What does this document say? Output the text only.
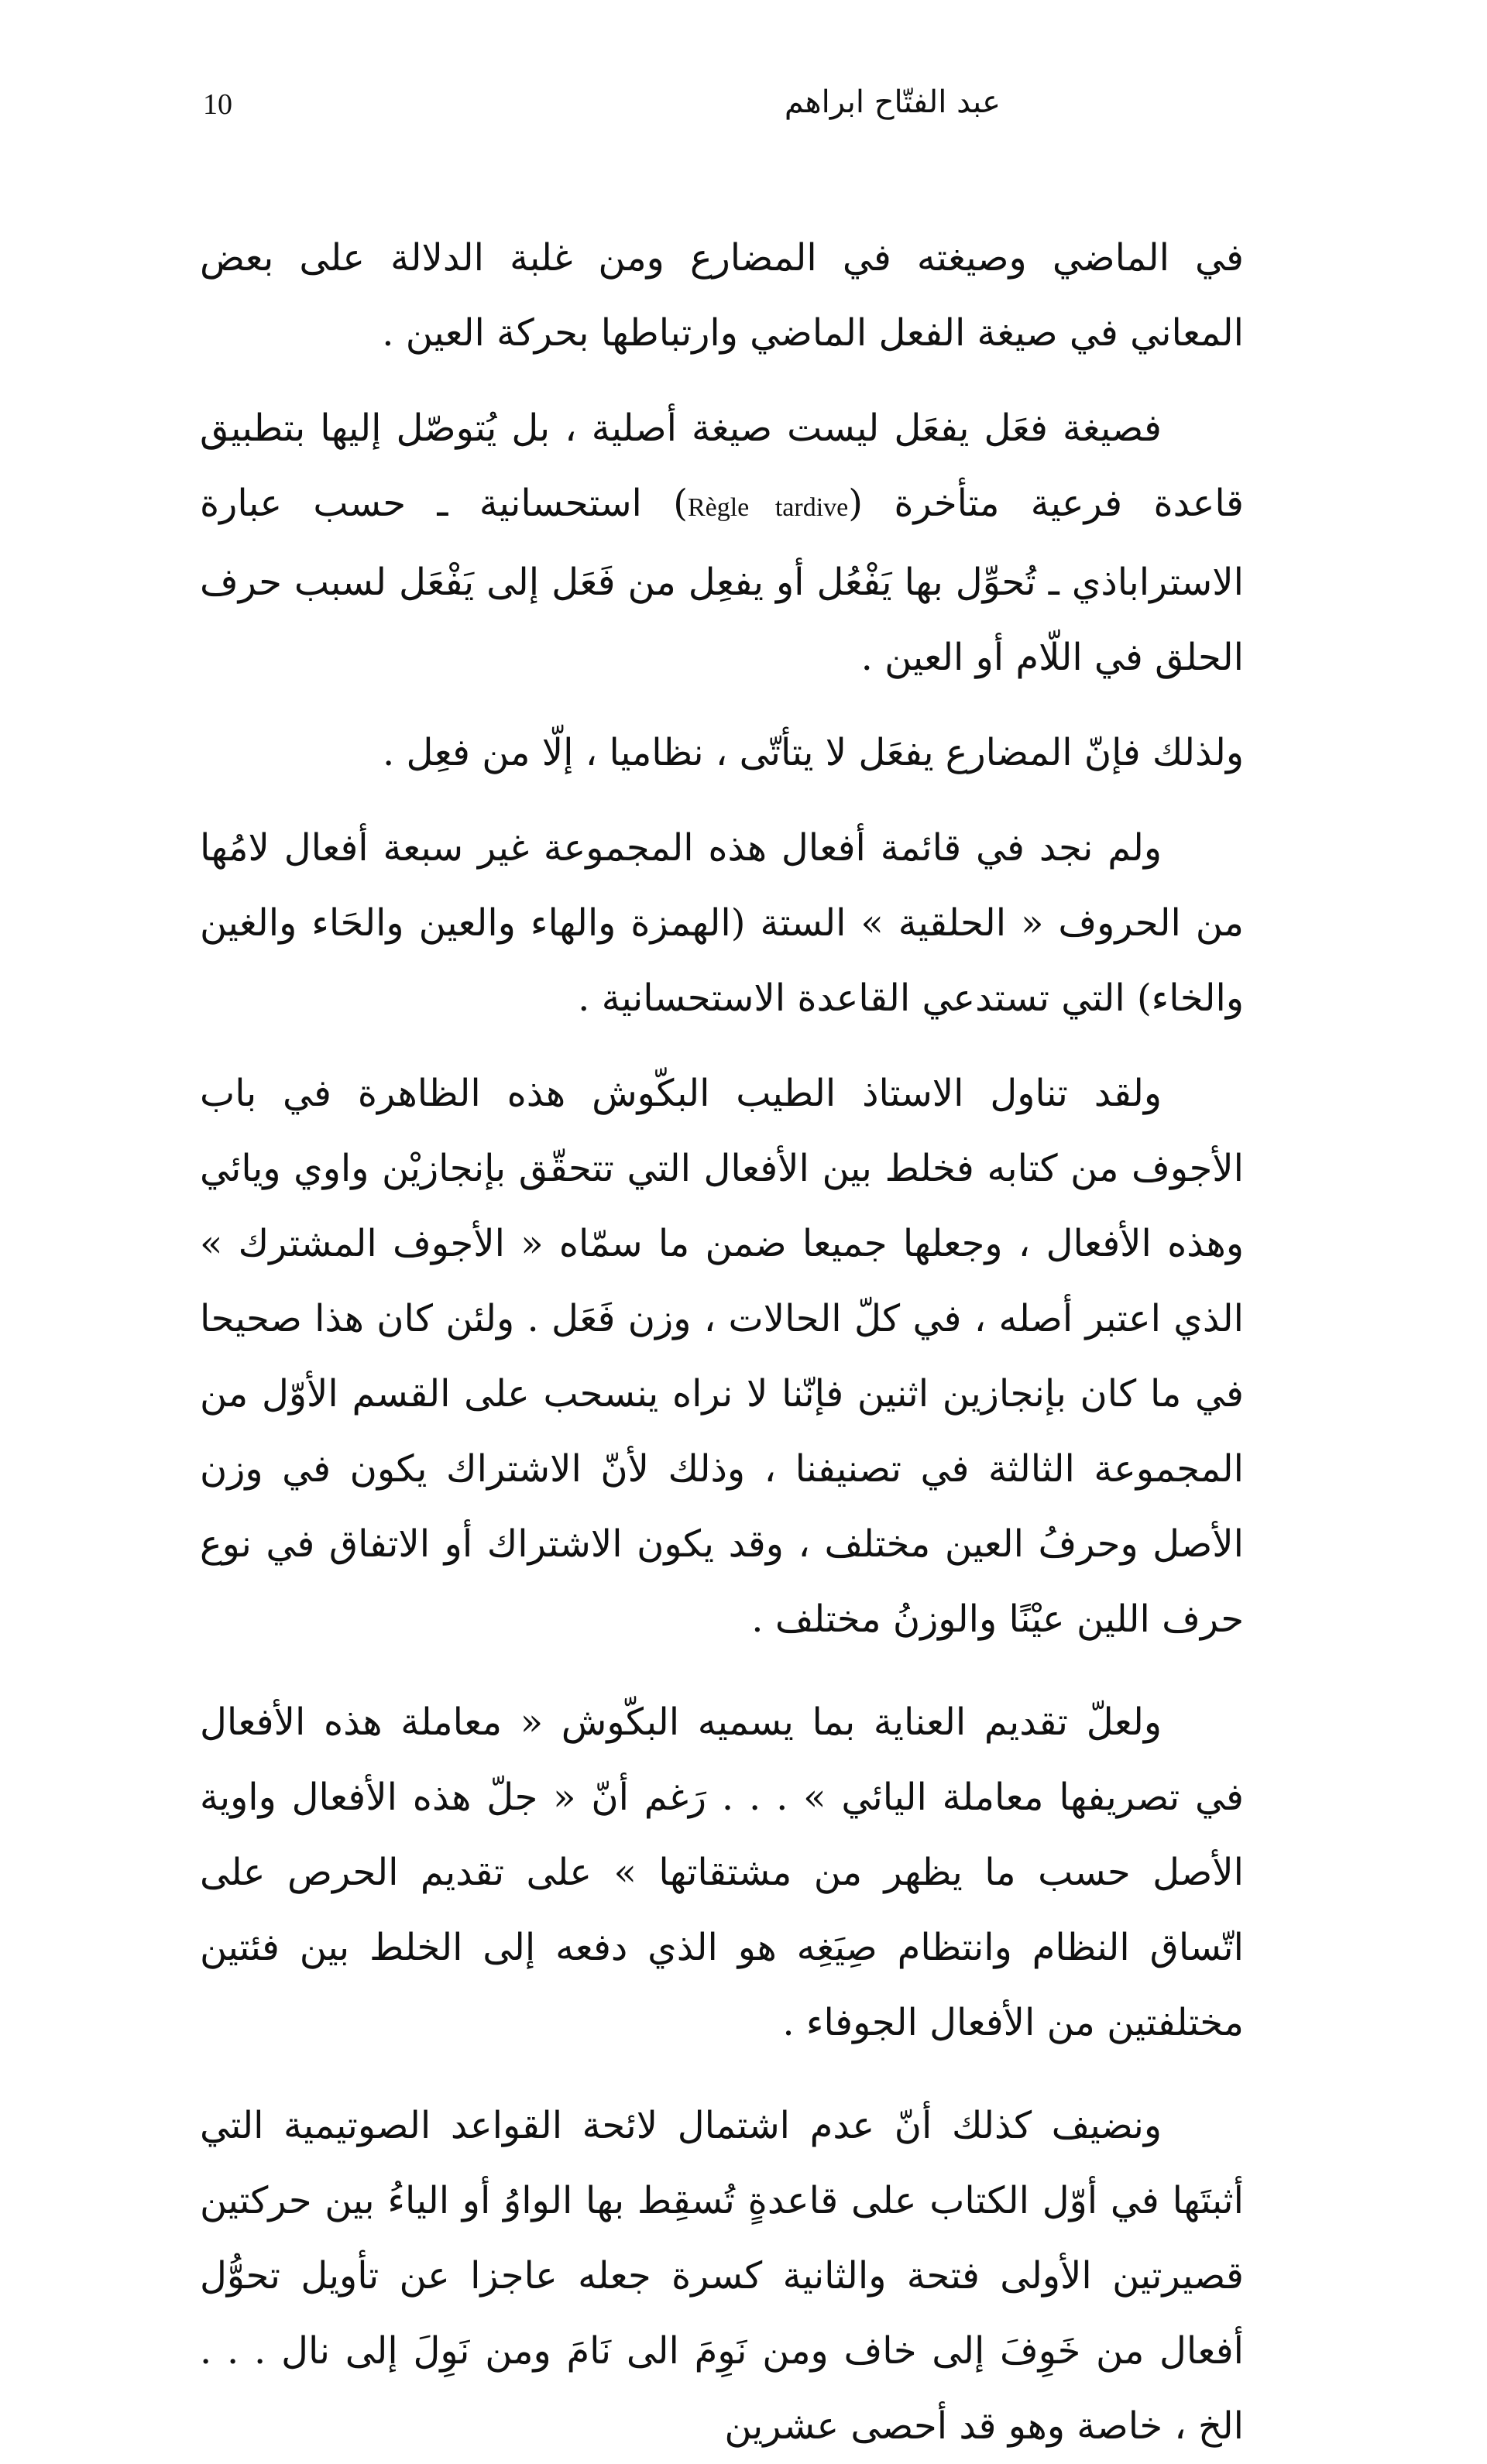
10	عبد الفتّاح ابراهم

في الماضي وصيغته في المضارع ومن غلبة الدلالة على بعض المعاني في صيغة الفعل الماضي وارتباطها بحركة العين .

فصيغة فعَل يفعَل ليست صيغة أصلية ، بل يُتوصّل إليها بتطبيق قاعدة فرعية متأخرة (Règle tardive) استحسانية ـ حسب عبارة الاستراباذي ـ تُحوِّل بها يَفْعُل أو يفعِل من فَعَل إلى يَفْعَل لسبب حرف الحلق في اللّام أو العين .

ولذلك فإنّ المضارع يفعَل لا يتأتّى ، نظاميا ، إلّا من فعِل .

ولم نجد في قائمة أفعال هذه المجموعة غير سبعة أفعال لامُها من الحروف « الحلقية » الستة (الهمزة والهاء والعين والحَاء والغين والخاء) التي تستدعي القاعدة الاستحسانية .

ولقد تناول الاستاذ الطيب البكّوش هذه الظاهرة في باب الأجوف من كتابه فخلط بين الأفعال التي تتحقّق بإنجازيْن واوي ويائي وهذه الأفعال ، وجعلها جميعا ضمن ما سمّاه « الأجوف المشترك » الذي اعتبر أصله ، في كلّ الحالات ، وزن فَعَل . ولئن كان هذا صحيحا في ما كان بإنجازين اثنين فإنّنا لا نراه ينسحب على القسم الأوّل من المجموعة الثالثة في تصنيفنا ، وذلك لأنّ الاشتراك يكون في وزن الأصل وحرفُ العين مختلف ، وقد يكون الاشتراك أو الاتفاق في نوع حرف اللين عيْنًا والوزنُ مختلف .

ولعلّ تقديم العناية بما يسميه البكّوش « معاملة هذه الأفعال في تصريفها معاملة اليائي » . . . رَغم أنّ « جلّ هذه الأفعال واوية الأصل حسب ما يظهر من مشتقاتها » على تقديم الحرص على اتّساق النظام وانتظام صِيَغِه هو الذي دفعه إلى الخلط بين فئتين مختلفتين من الأفعال الجوفاء .

ونضيف كذلك أنّ عدم اشتمال لائحة القواعد الصوتيمية التي أثبتَها في أوّل الكتاب على قاعدةٍ تُسقِط بها الواوُ أو الياءُ بين حركتين قصيرتين الأولى فتحة والثانية كسرة جعله عاجزا عن تأويل تحوُّل أفعال من خَوِفَ إلى خاف ومن نَوِمَ الى نَامَ ومن نَوِلَ إلى نال . . . الخ ، خاصة وهو قد أحصى عشرين
